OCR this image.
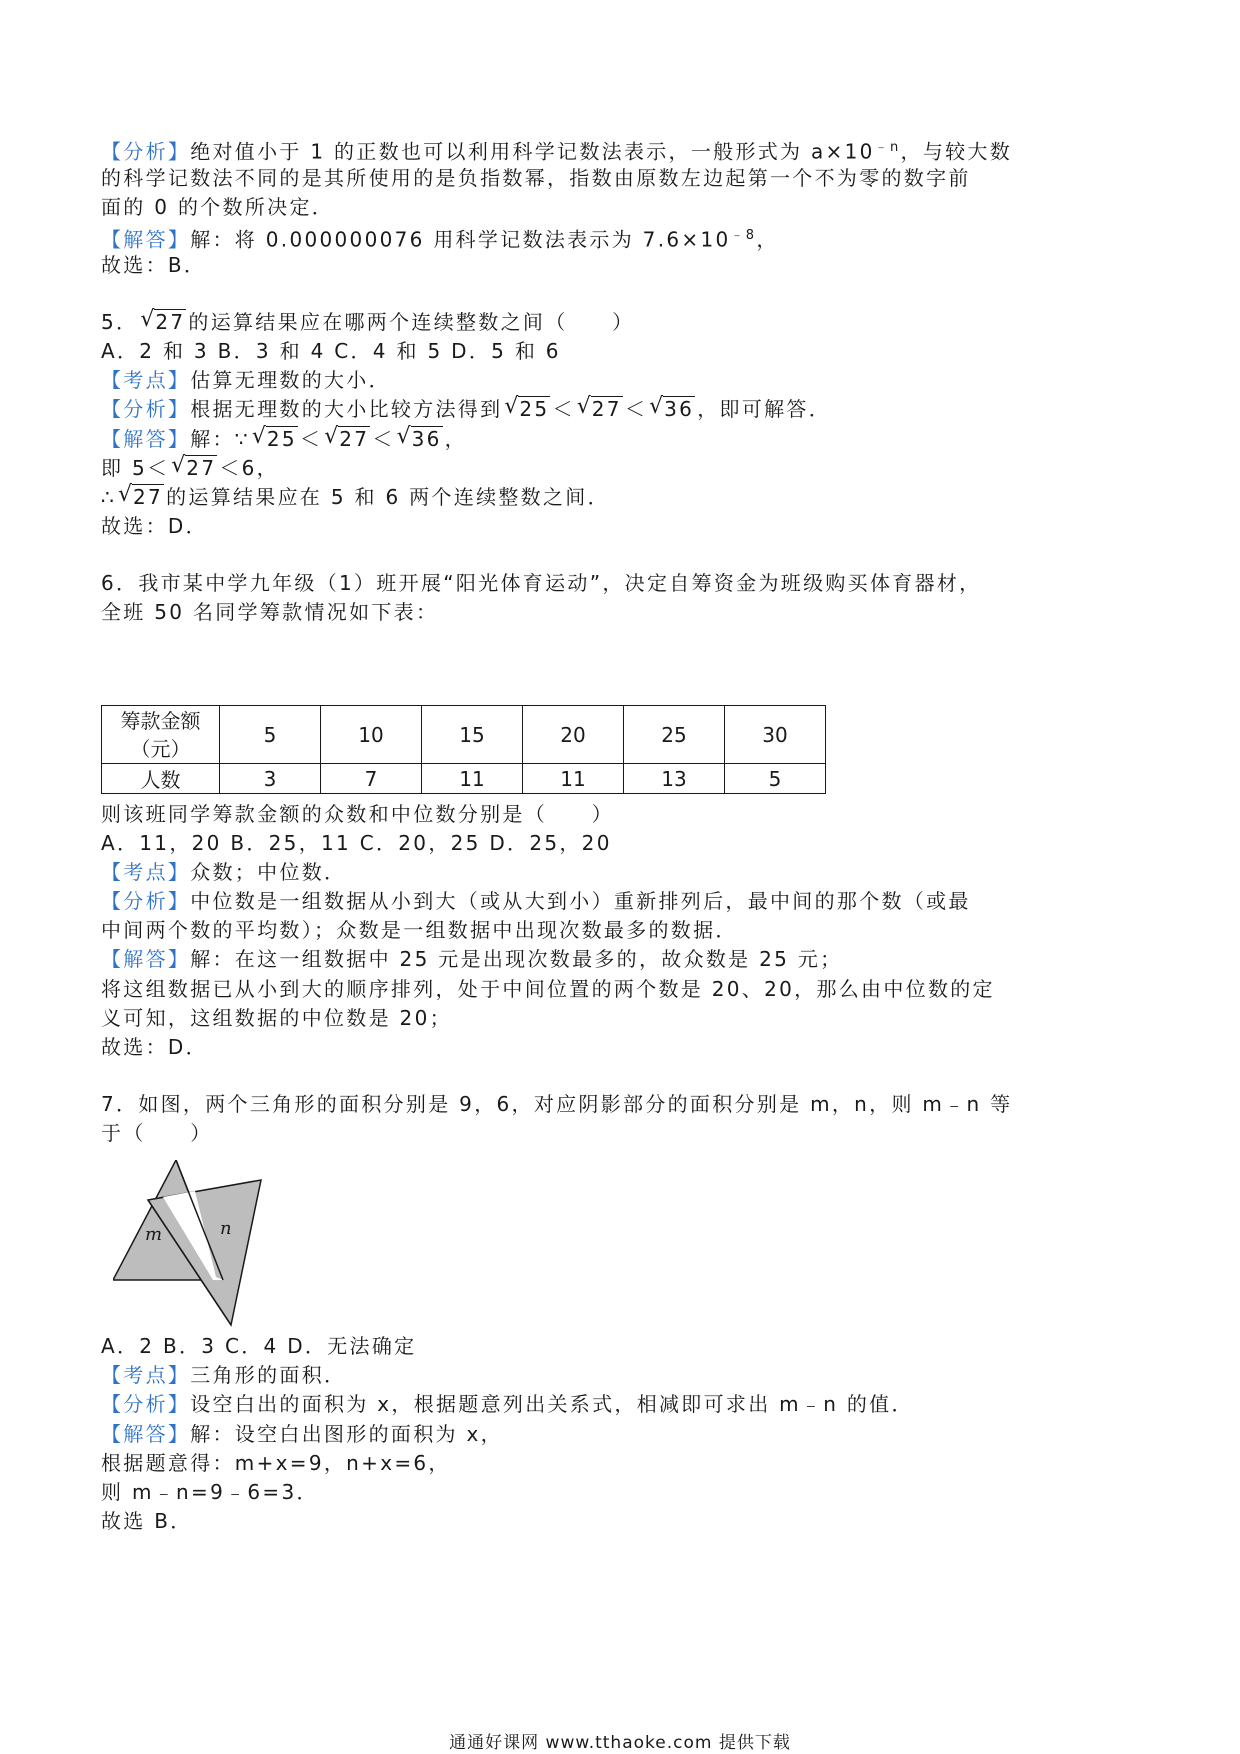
【分析】绝对值小于 1 的正数也可以利用科学记数法表示，一般形式为 $a\times 10^{﹣n}$，与较大数
的科学记数法不同的是其所使用的是负指数幂，指数由原数左边起第一个不为零的数字前
面的 0 的个数所决定．
【解答】解：将 0.000000076 用科学记数法表示为 $7.6\times 10^{﹣8}$，
故选：B．
5． √
27 的运算结果应在哪两个连续整数之间（　　）
A．2 和 3 B．3 和 4 C．4 和 5 D．5 和 6
【考点】估算无理数的大小．
【分析】根据无理数的大小比较方法得到 √
25 ＜ √
27 ＜ √
36 ，即可解答．
【解答】解：∵ √
25 ＜ √
27 ＜ √
36 ，
即 5＜ √
27 ＜6，
∴ √
27 的运算结果应在 5 和 6 两个连续整数之间．
故选：D．
6．我市某中学九年级（1）班开展“阳光体育运动”，决定自筹资金为班级购买体育器材，
全班 50 名同学筹款情况如下表：
筹款金额
（元）	5	10	15	20	25	30
人数	3	7	11	11	13	5
则该班同学筹款金额的众数和中位数分别是（　　）
A．11，20 B．25，11 C．20，25 D．25，20
【考点】众数；中位数．
【分析】中位数是一组数据从小到大（或从大到小）重新排列后，最中间的那个数（或最
中间两个数的平均数）；众数是一组数据中出现次数最多的数据．
【解答】解：在这一组数据中 25 元是出现次数最多的，故众数是 25 元；
将这组数据已从小到大的顺序排列，处于中间位置的两个数是 20、20，那么由中位数的定
义可知，这组数据的中位数是 20；
故选：D．
7．如图，两个三角形的面积分别是 9，6，对应阴影部分的面积分别是 m，n，则 m﹣n 等
于（　　）
A．2 B．3 C．4 D．无法确定
【考点】三角形的面积．
【分析】设空白出的面积为 x，根据题意列出关系式，相减即可求出 m﹣n 的值．
【解答】解：设空白出图形的面积为 x，
根据题意得：m+x=9，n+x=6，
则 m﹣n=9﹣6=3．
故选 B．
m	n
通通好课网 www.tthaoke.com 提供下载
